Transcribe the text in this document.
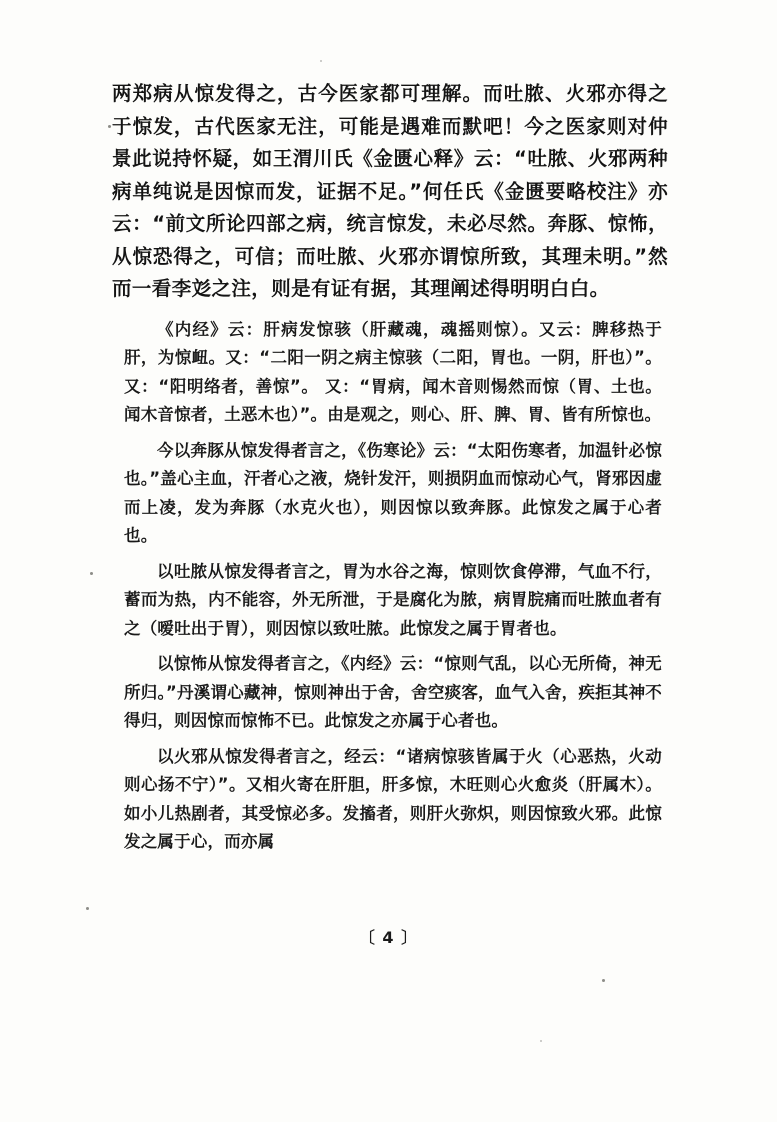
两郑病从惊发得之，古今医家都可理解。而吐脓、火邪亦得之于惊发，古代医家无注，可能是遇难而默吧！今之医家则对仲景此说持怀疑，如王渭川氏《金匮心释》云：“吐脓、火邪两种病单纯说是因惊而发，证据不足。”何任氏《金匮要略校注》亦云：“前文所论四部之病，统言惊发，未必尽然。奔豚、惊怖，从惊恐得之，可信；而吐脓、火邪亦谓惊所致，其理未明。”然而一看李彣之注，则是有证有据，其理阐述得明明白白。

《内经》云：肝病发惊骇（肝藏魂，魂摇则惊）。又云：脾移热于肝，为惊衄。又：“二阳一阴之病主惊骇（二阳，胃也。一阴，肝也）”。又：“阳明络者，善惊”。 又：“胃病，闻木音则惕然而惊（胃、土也。闻木音惊者，土恶木也）”。由是观之，则心、肝、脾、胃、皆有所惊也。

今以奔豚从惊发得者言之，《伤寒论》云：“太阳伤寒者，加温针必惊也。”盖心主血，汗者心之液，烧针发汗，则损阴血而惊动心气，肾邪因虚而上凌，发为奔豚（水克火也），则因惊以致奔豚。此惊发之属于心者也。

以吐脓从惊发得者言之，胃为水谷之海，惊则饮食停滞，气血不行，蓄而为热，内不能容，外无所泄，于是腐化为脓，病胃脘痛而吐脓血者有之（嗳吐出于胃），则因惊以致吐脓。此惊发之属于胃者也。

以惊怖从惊发得者言之，《内经》云：“惊则气乱，以心无所倚，神无所归。”丹溪谓心藏神，惊则神出于舍，舍空痰客，血气入舍，疾拒其神不得归，则因惊而惊怖不已。此惊发之亦属于心者也。

以火邪从惊发得者言之，经云：“诸病惊骇皆属于火（心恶热，火动则心扬不宁）”。又相火寄在肝胆，肝多惊，木旺则心火愈炎（肝属木）。如小儿热剧者，其受惊必多。发搐者，则肝火弥炽，则因惊致火邪。此惊发之属于心，而亦属

〔 4 〕
